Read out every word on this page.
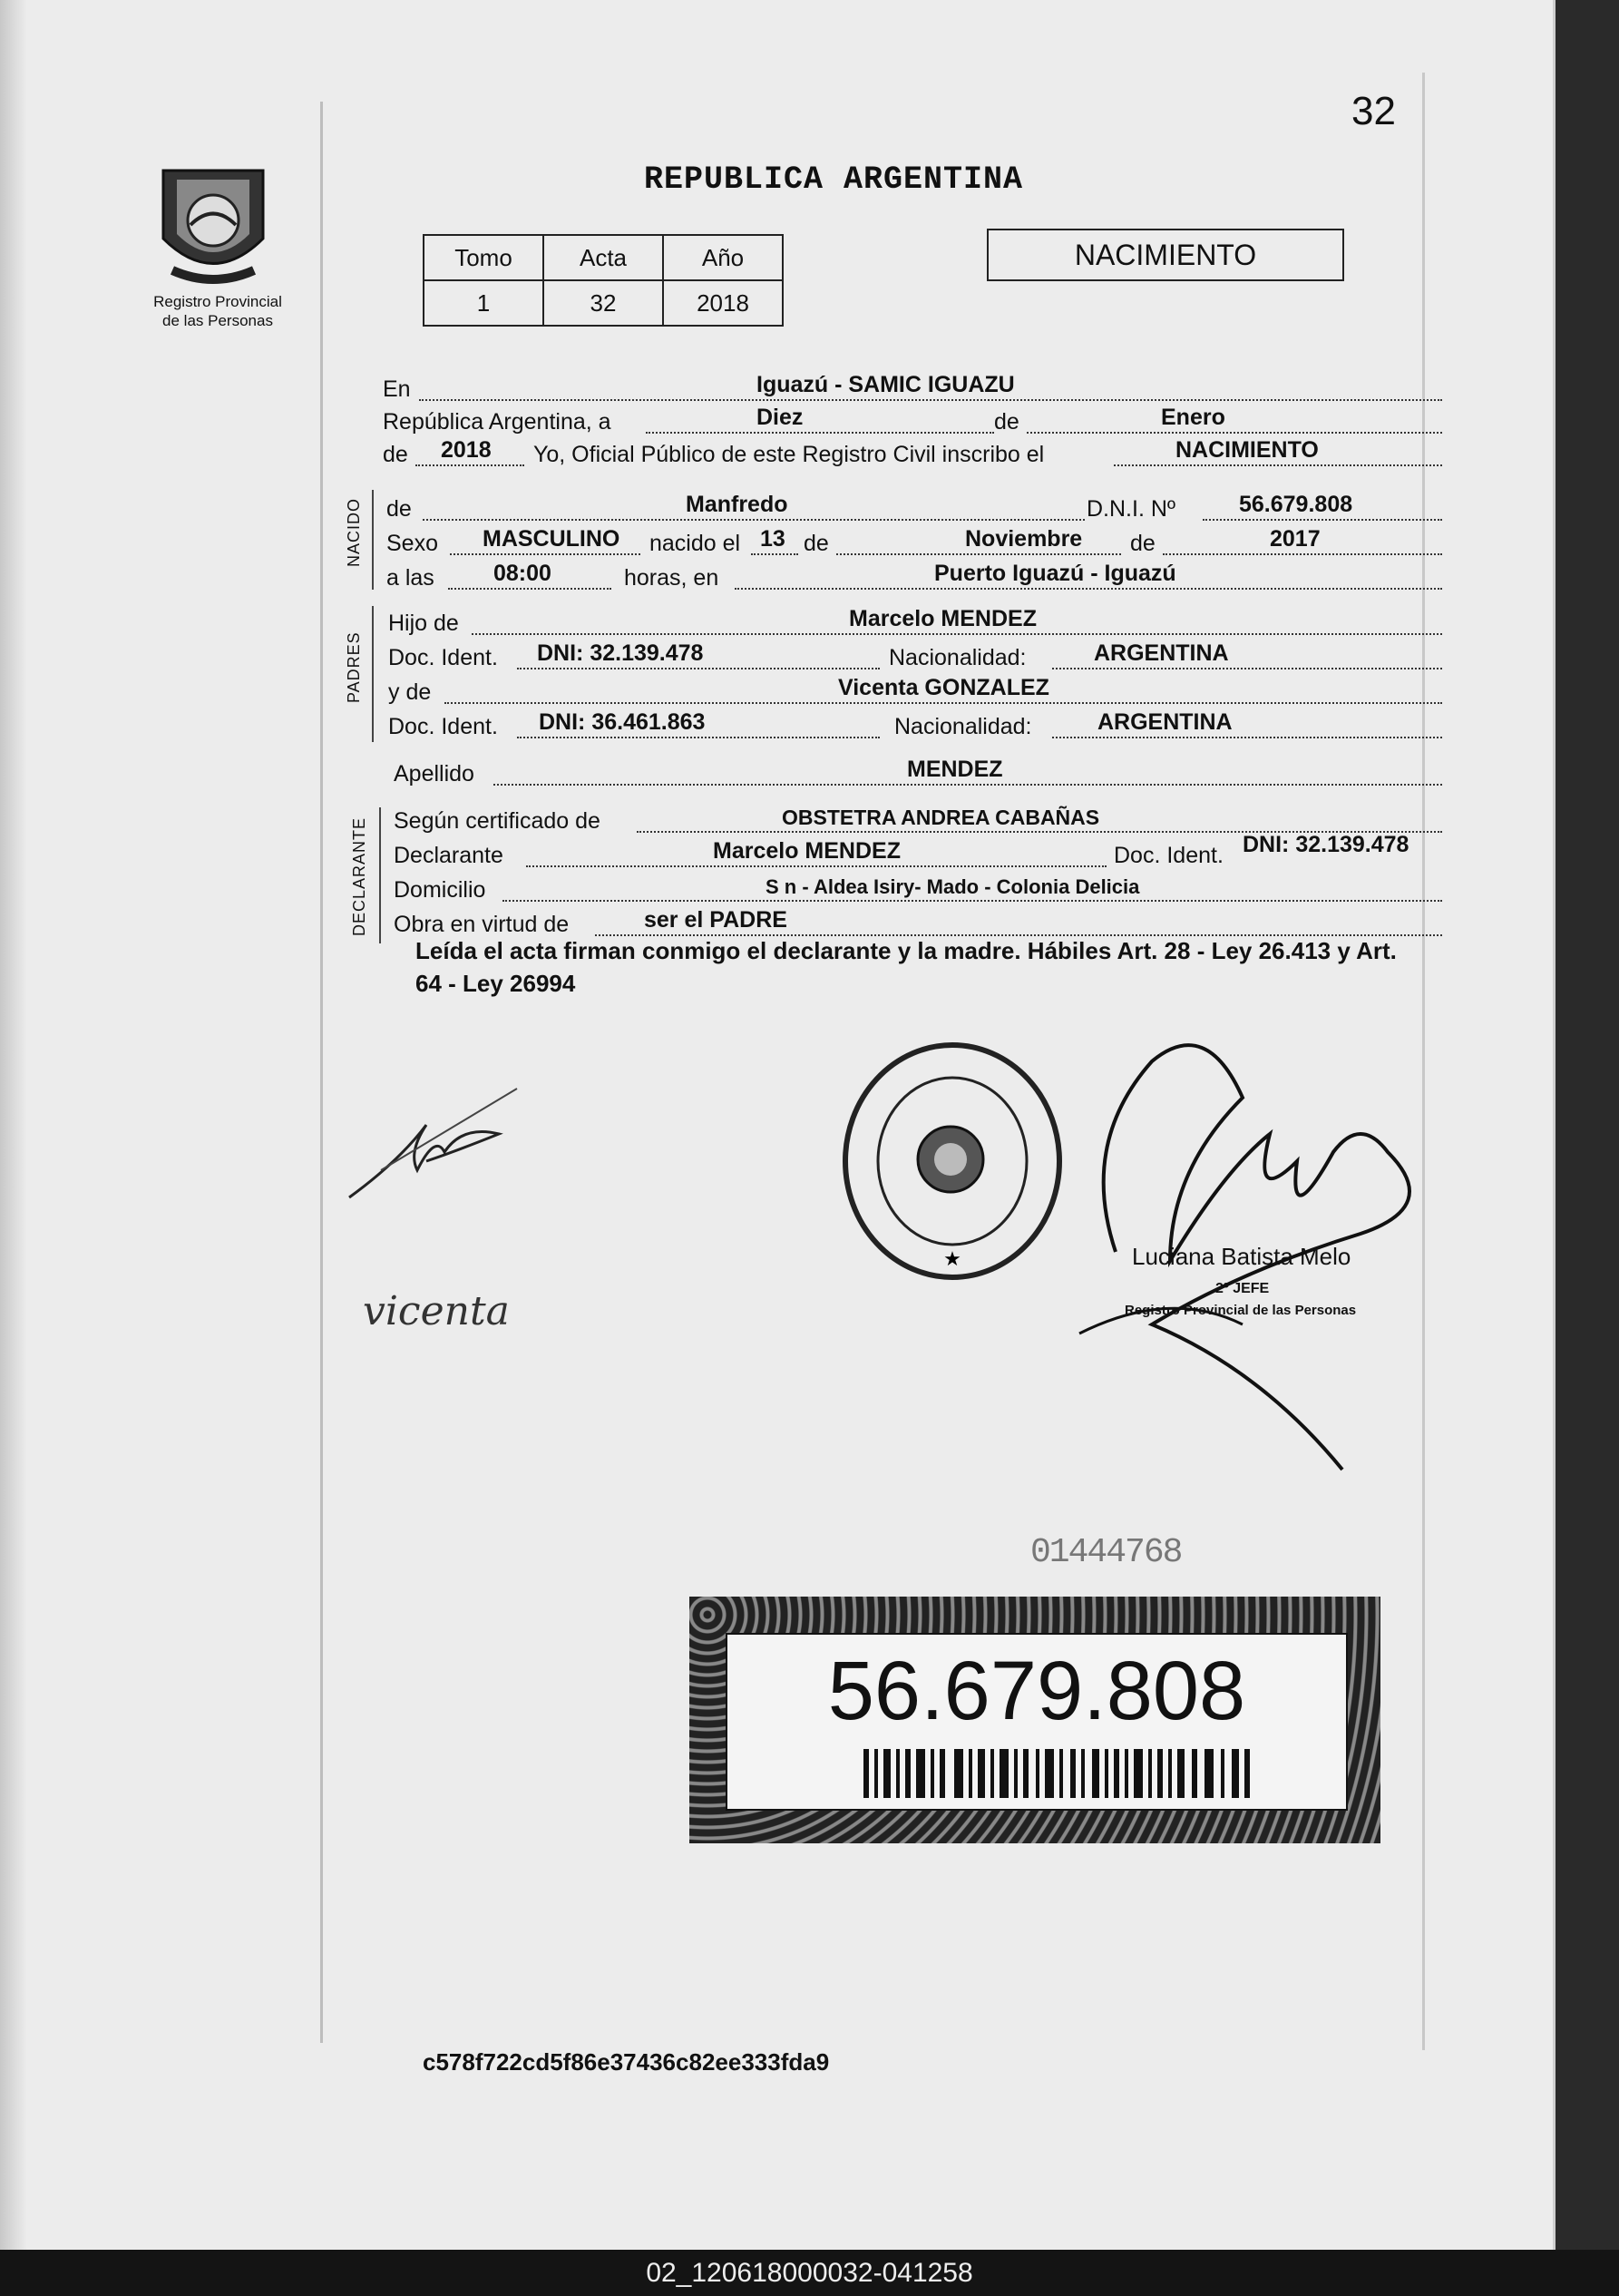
32
Registro Provincial
de las Personas
REPUBLICA ARGENTINA
Tomo	Acta	Año
1	32	2018
NACIMIENTO
En	Iguazú - SAMIC IGUAZU
República Argentina, a	Diez	de	Enero
de 2018 Yo, Oficial Público de este Registro Civil inscribo el	NACIMIENTO
NACIDO de	Manfredo	D.N.I. Nº	56.679.808
Sexo MASCULINO nacido el 13 de	Noviembre de	2017
a las	08:00	horas, en	Puerto Iguazú - Iguazú
PADRES
Hijo de	Marcelo MENDEZ
Doc. Ident. DNI: 32.139.478	Nacionalidad:	ARGENTINA
y de	Vicenta GONZALEZ
Doc. Ident. DNI: 36.461.863	Nacionalidad:	ARGENTINA
Apellido	MENDEZ
DECLARANTE Según certificado de	OBSTETRA ANDREA CABAÑAS
Declarante	Marcelo MENDEZ	Doc. Ident. DNI: 32.139.478
Domicilio	S n - Aldea Isiry- Mado - Colonia Delicia
Obra en virtud de	ser el PADRE
Leída el acta firman conmigo el declarante y la madre. Hábiles Art. 28 - Ley 26.413 y Art. 64 - Ley 26994
vicenta
★	Luciana Batista Melo
2º JEFE
Registro Provincial de las Personas
01444768
56.679.808
c578f722cd5f86e37436c82ee333fda9
02_120618000032-041258
